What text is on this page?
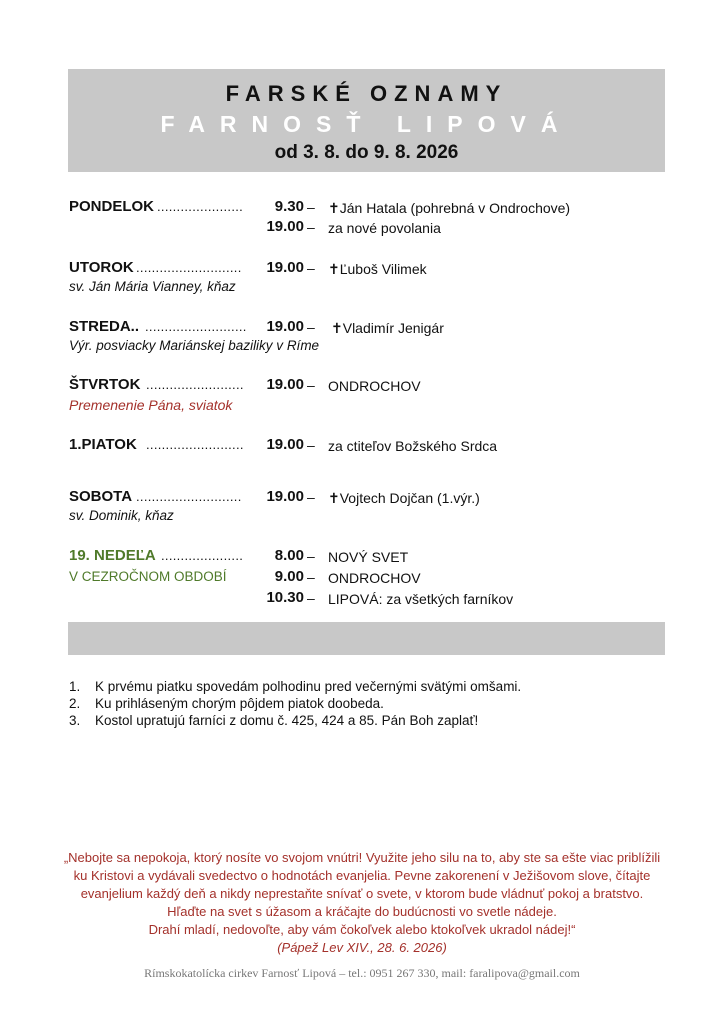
FARSKÉ OZNAMY
FARNOSŤ LIPOVÁ
od 3. 8. do 9. 8. 2026
PONDELOK ......................	9.30 – ✝Ján Hatala (pohrebná v Ondrochove)
19.00 – za nové povolania
UTOROK ...........................	19.00 – ✝Ľuboš Vilimek
sv. Ján Mária Vianney, kňaz
STREDA.. ..........................	19.00 – ✝Vladimír Jenigár
Výr. posviacky Mariánskej baziliky v Ríme
ŠTVRTOK .........................	19.00 – ONDROCHOV
Premenenie Pána, sviatok
1.PIATOK .........................	19.00 – za ctiteľov Božského Srdca
SOBOTA ...........................	19.00 – ✝Vojtech Dojčan (1.výr.)
sv. Dominik, kňaz
19. NEDEĽA .....................	8.00 – NOVÝ SVET
V CEZROČNOM OBDOBÍ	9.00 – ONDROCHOV
10.30 – LIPOVÁ: za všetkých farníkov
1.	K prvému piatku spovedám polhodinu pred večernými svätými omšami.
2.	Ku prihláseným chorým pôjdem piatok doobeda.
3.	Kostol upratujú farníci z domu č. 425, 424 a 85. Pán Boh zaplať!
„Nebojte sa nepokoja, ktorý nosíte vo svojom vnútri! Využite jeho silu na to, aby ste sa ešte viac priblížili
ku Kristovi a vydávali svedectvo o hodnotách evanjelia. Pevne zakorenení v Ježišovom slove, čítajte
evanjelium každý deň a nikdy neprestaňte snívať o svete, v ktorom bude vládnuť pokoj a bratstvo.
Hľaďte na svet s úžasom a kráčajte do budúcnosti vo svetle nádeje.
Drahí mladí, nedovoľte, aby vám čokoľvek alebo ktokoľvek ukradol nádej!“
(Pápež Lev XIV., 28. 6. 2026)
Rímskokatolícka cirkev Farnosť Lipová – tel.: 0951 267 330, mail: faralipova@gmail.com
